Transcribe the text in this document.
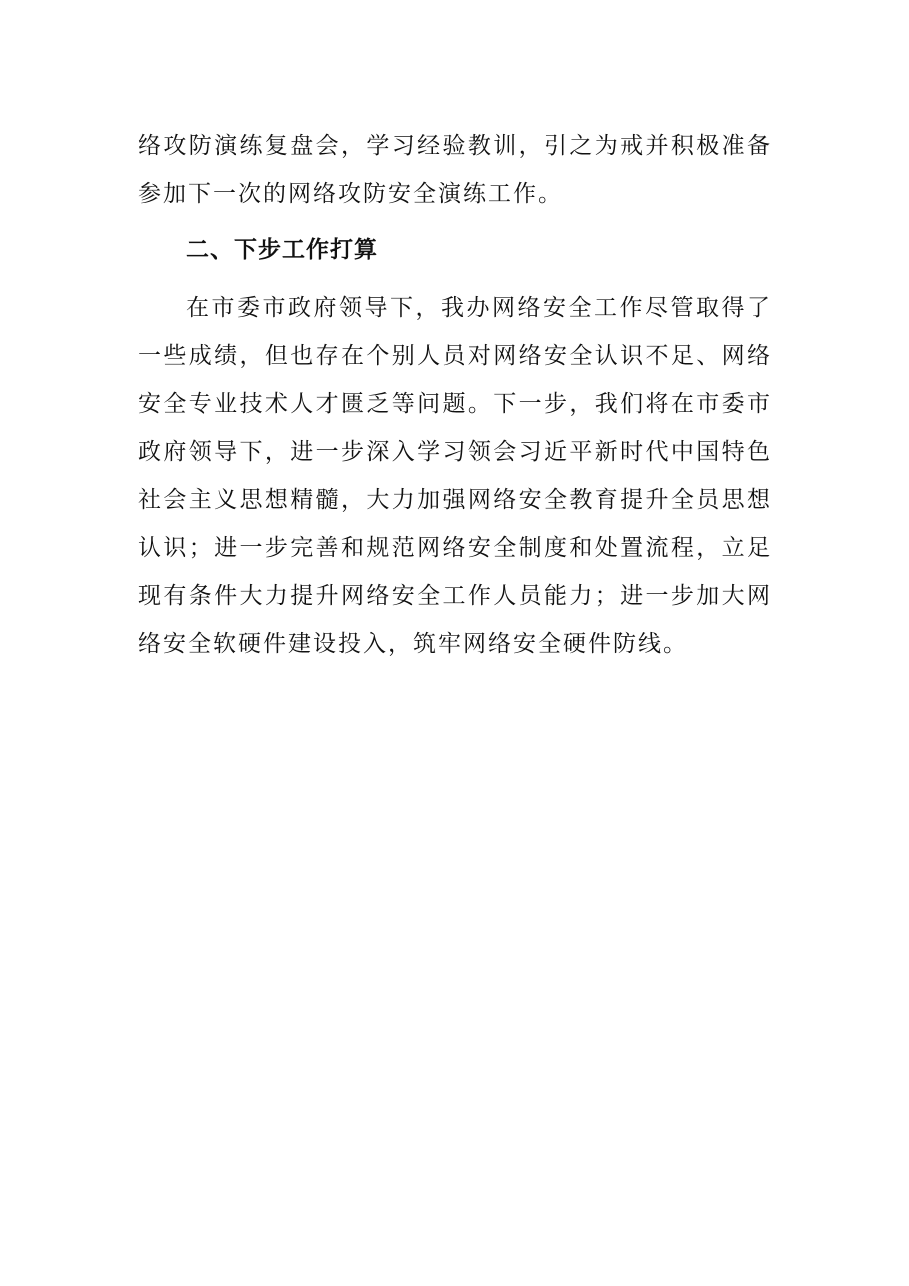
络攻防演练复盘会，学习经验教训，引之为戒并积极准备参加下一次的网络攻防安全演练工作。

二、下步工作打算

在市委市政府领导下，我办网络安全工作尽管取得了一些成绩，但也存在个别人员对网络安全认识不足、网络安全专业技术人才匮乏等问题。下一步，我们将在市委市政府领导下，进一步深入学习领会习近平新时代中国特色社会主义思想精髓，大力加强网络安全教育提升全员思想认识；进一步完善和规范网络安全制度和处置流程，立足现有条件大力提升网络安全工作人员能力；进一步加大网络安全软硬件建设投入，筑牢网络安全硬件防线。
